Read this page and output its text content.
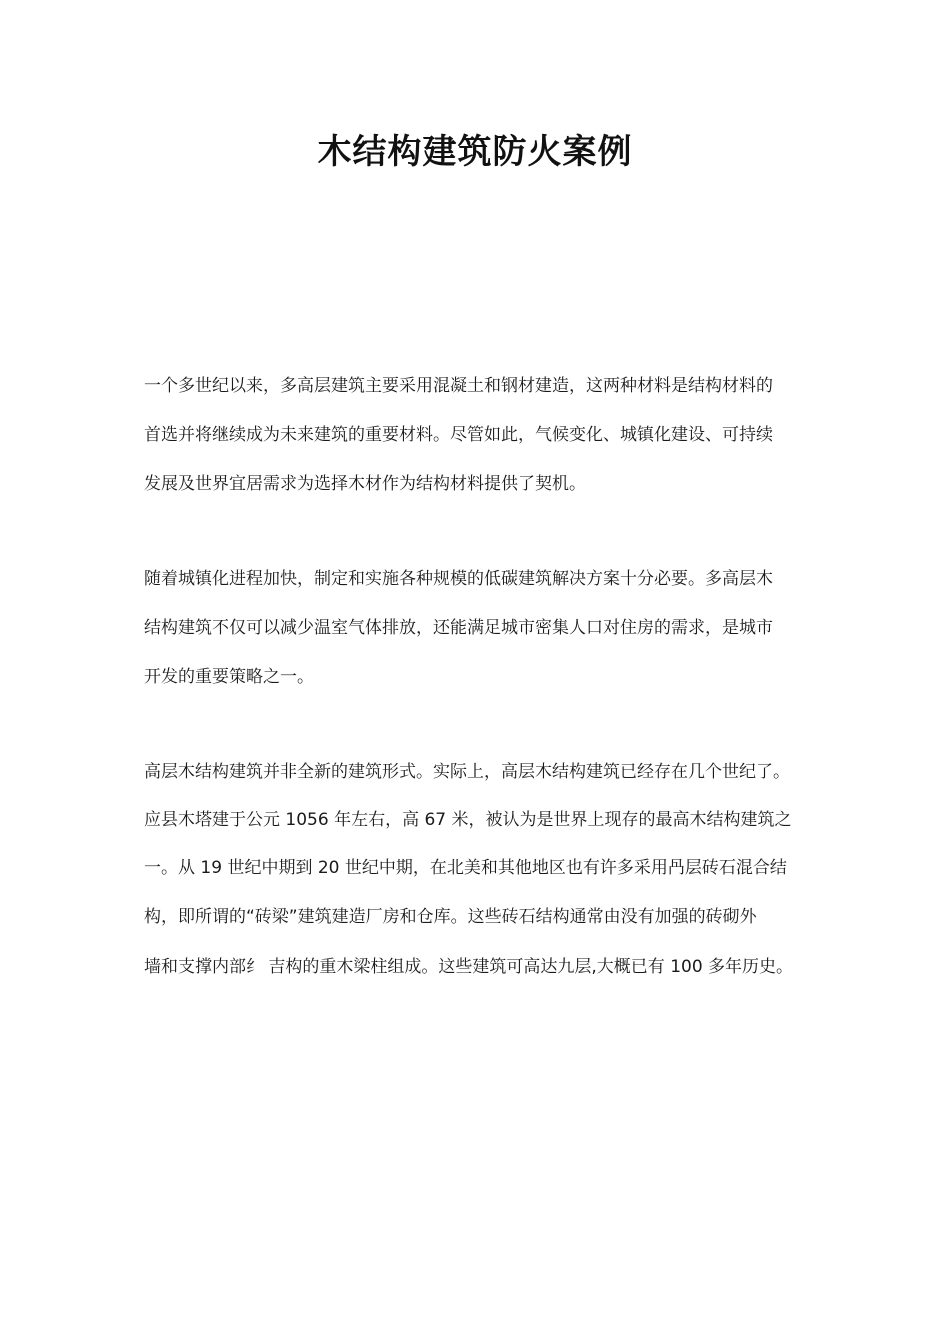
木结构建筑防火案例
一个多世纪以来，多高层建筑主要采用混凝土和钢材建造，这两种材料是结构材料的
首选并将继续成为未来建筑的重要材料。尽管如此，气候变化、城镇化建设、可持续
发展及世界宜居需求为选择木材作为结构材料提供了契机。
随着城镇化进程加快，制定和实施各种规模的低碳建筑解决方案十分必要。多高层木
结构建筑不仅可以减少温室气体排放，还能满足城市密集人口对住房的需求，是城市
开发的重要策略之一。
高层木结构建筑并非全新的建筑形式。实际上，高层木结构建筑已经存在几个世纪了。
应县木塔建于公元 1056 年左右，高 67 米，被认为是世界上现存的最高木结构建筑之
一。从 19 世纪中期到 20 世纪中期，在北美和其他地区也有许多采用冎层砖石混合结
构，即所谓的“砖梁”建筑建造厂房和仓库。这些砖石结构通常由没有加强的砖砌外
墙和支撑内部纟 吉构的重木梁柱组成。这些建筑可高达九层,大概已有 100 多年历史。
